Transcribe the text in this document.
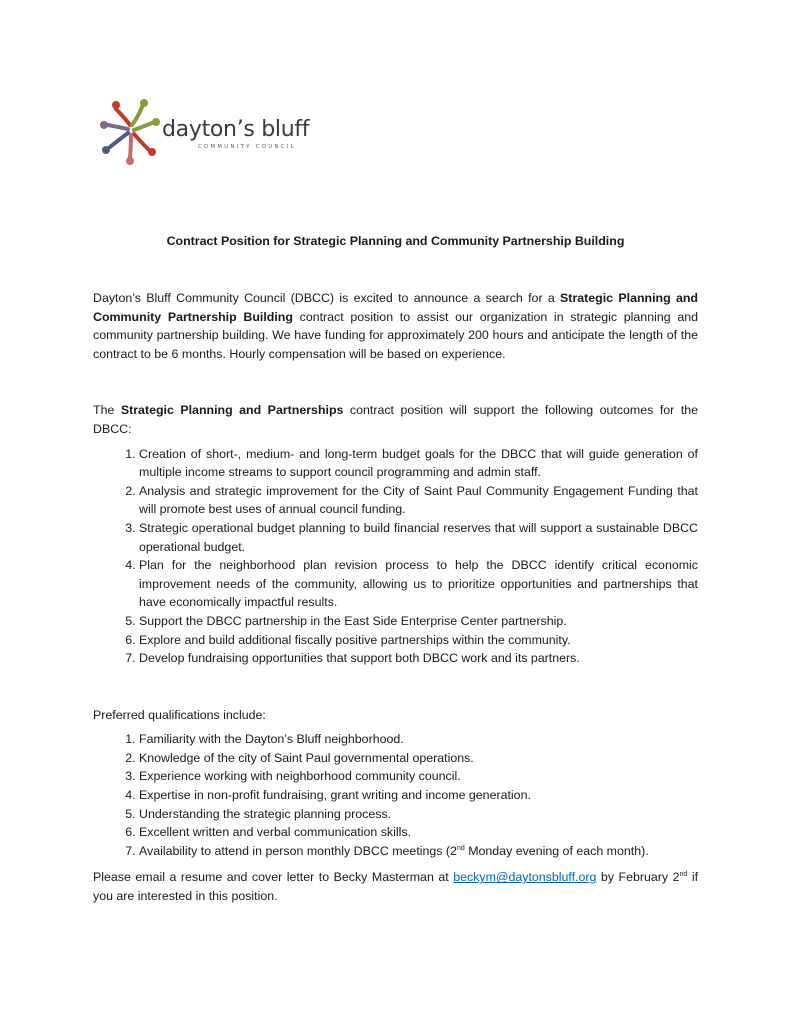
dayton’s bluff
COMMUNITY COUNCIL
Contract Position for Strategic Planning and Community Partnership Building

Dayton’s Bluff Community Council (DBCC) is excited to announce a search for a Strategic Planning and Community Partnership Building contract position to assist our organization in strategic planning and community partnership building. We have funding for approximately 200 hours and anticipate the length of the contract to be 6 months. Hourly compensation will be based on experience.

The Strategic Planning and Partnerships contract position will support the following outcomes for the DBCC:

1. Creation of short-, medium- and long-term budget goals for the DBCC that will guide generation of multiple income streams to support council programming and admin staff.
2. Analysis and strategic improvement for the City of Saint Paul Community Engagement Funding that will promote best uses of annual council funding.
3. Strategic operational budget planning to build financial reserves that will support a sustainable DBCC operational budget.
4. Plan for the neighborhood plan revision process to help the DBCC identify critical economic improvement needs of the community, allowing us to prioritize opportunities and partnerships that have economically impactful results.
5. Support the DBCC partnership in the East Side Enterprise Center partnership.
6. Explore and build additional fiscally positive partnerships within the community.
7. Develop fundraising opportunities that support both DBCC work and its partners.

Preferred qualifications include:

1. Familiarity with the Dayton’s Bluff neighborhood.
2. Knowledge of the city of Saint Paul governmental operations.
3. Experience working with neighborhood community council.
4. Expertise in non-profit fundraising, grant writing and income generation.
5. Understanding the strategic planning process.
6. Excellent written and verbal communication skills.
7. Availability to attend in person monthly DBCC meetings (2nd Monday evening of each month).

Please email a resume and cover letter to Becky Masterman at beckym@daytonsbluff.org by February 2nd if you are interested in this position.
